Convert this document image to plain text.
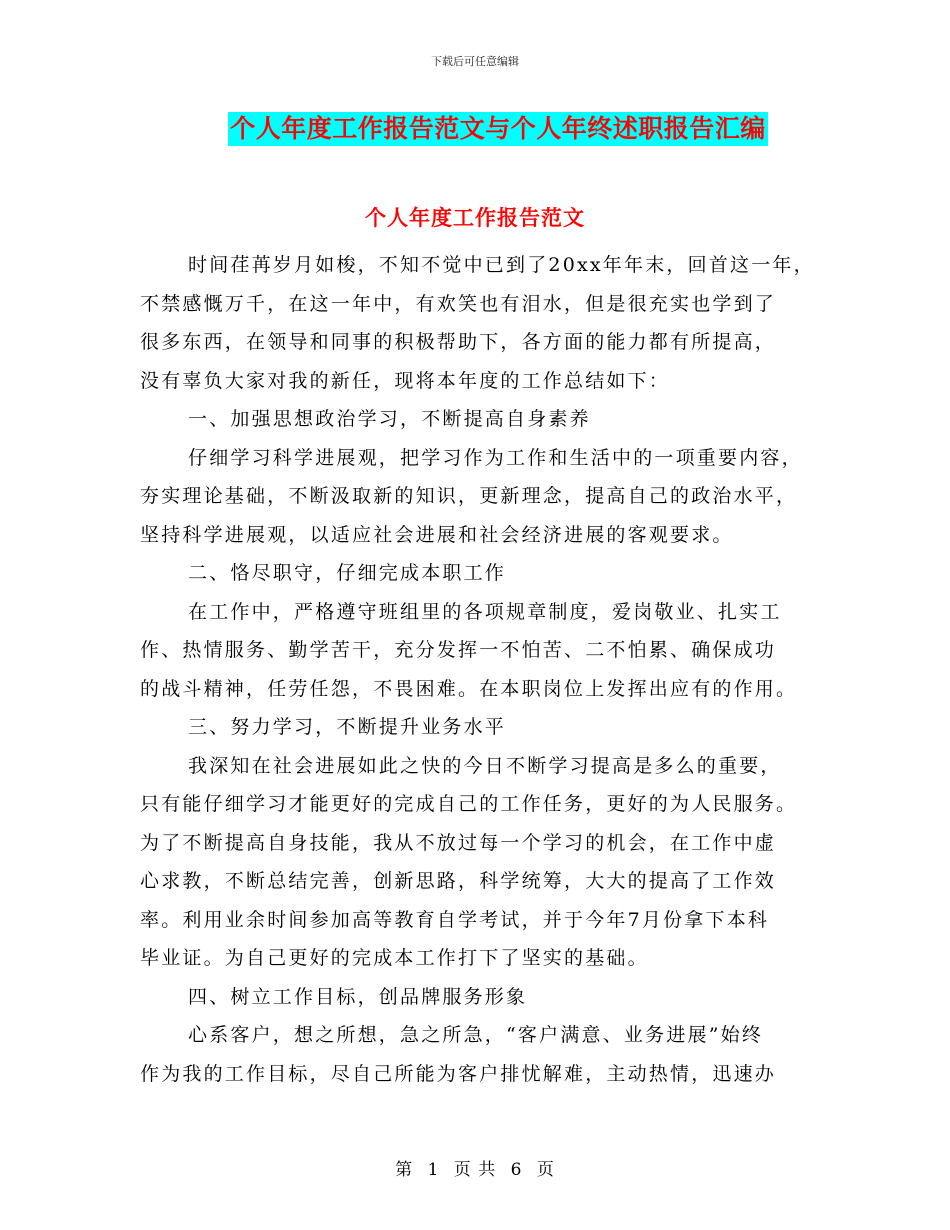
下载后可任意编辑
个人年度工作报告范文与个人年终述职报告汇编
个人年度工作报告范文
时间荏苒岁月如梭，不知不觉中已到了20xx年年末，回首这一年，
不禁感慨万千，在这一年中，有欢笑也有泪水，但是很充实也学到了
很多东西，在领导和同事的积极帮助下，各方面的能力都有所提高，
没有辜负大家对我的新任，现将本年度的工作总结如下：
一、加强思想政治学习，不断提高自身素养
仔细学习科学进展观，把学习作为工作和生活中的一项重要内容，
夯实理论基础，不断汲取新的知识，更新理念，提高自己的政治水平，
坚持科学进展观，以适应社会进展和社会经济进展的客观要求。
二、恪尽职守，仔细完成本职工作
在工作中，严格遵守班组里的各项规章制度，爱岗敬业、扎实工
作、热情服务、勤学苦干，充分发挥一不怕苦、二不怕累、确保成功
的战斗精神，任劳任怨，不畏困难。在本职岗位上发挥出应有的作用。
三、努力学习，不断提升业务水平
我深知在社会进展如此之快的今日不断学习提高是多么的重要，
只有能仔细学习才能更好的完成自己的工作任务，更好的为人民服务。
为了不断提高自身技能，我从不放过每一个学习的机会，在工作中虚
心求教，不断总结完善，创新思路，科学统筹，大大的提高了工作效
率。利用业余时间参加高等教育自学考试，并于今年7月份拿下本科
毕业证。为自己更好的完成本工作打下了坚实的基础。
四、树立工作目标，创品牌服务形象
心系客户，想之所想，急之所急，“客户满意、业务进展”始终
作为我的工作目标，尽自己所能为客户排忧解难，主动热情，迅速办
第 1 页 共 6 页
